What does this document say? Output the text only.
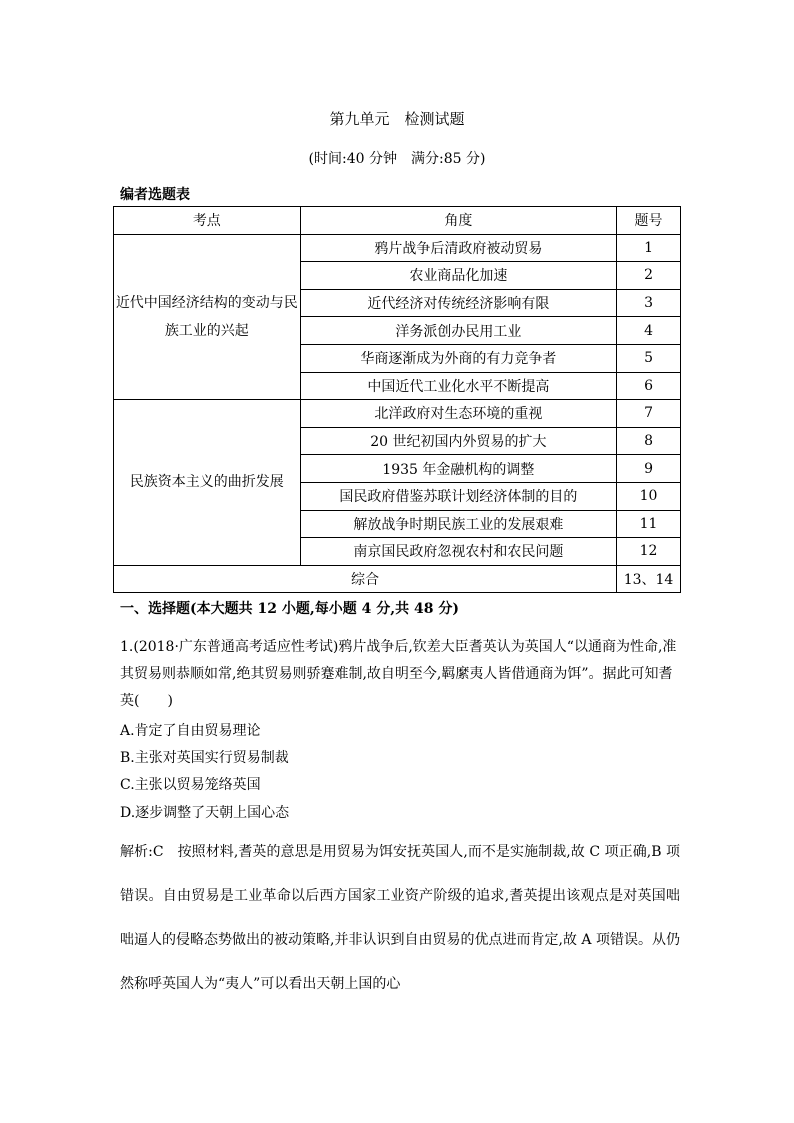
第九单元　检测试题
(时间:40 分钟　满分:85 分)
编者选题表
考点	角度	题号
近代中国经济结构的变动与民族工业的兴起	鸦片战争后清政府被动贸易	1
	农业商品化加速	2
	近代经济对传统经济影响有限	3
	洋务派创办民用工业	4
	华商逐渐成为外商的有力竞争者	5
	中国近代工业化水平不断提高	6
民族资本主义的曲折发展	北洋政府对生态环境的重视	7
	20 世纪初国内外贸易的扩大	8
	1935 年金融机构的调整	9
	国民政府借鉴苏联计划经济体制的目的	10
	解放战争时期民族工业的发展艰难	11
	南京国民政府忽视农村和农民问题	12
综合		13、14
一、选择题(本大题共 12 小题,每小题 4 分,共 48 分)
1.(2018·广东普通高考适应性考试)鸦片战争后,钦差大臣耆英认为英国人“以通商为性命,准其贸易则恭顺如常,绝其贸易则骄蹇难制,故自明至今,羁縻夷人皆借通商为饵”。据此可知耆英(　　)
A.肯定了自由贸易理论
B.主张对英国实行贸易制裁
C.主张以贸易笼络英国
D.逐步调整了天朝上国心态
解析:C 按照材料,耆英的意思是用贸易为饵安抚英国人,而不是实施制裁,故 C 项正确,B 项错误。自由贸易是工业革命以后西方国家工业资产阶级的追求,耆英提出该观点是对英国咄咄逼人的侵略态势做出的被动策略,并非认识到自由贸易的优点进而肯定,故 A 项错误。从仍然称呼英国人为“夷人”可以看出天朝上国的心
